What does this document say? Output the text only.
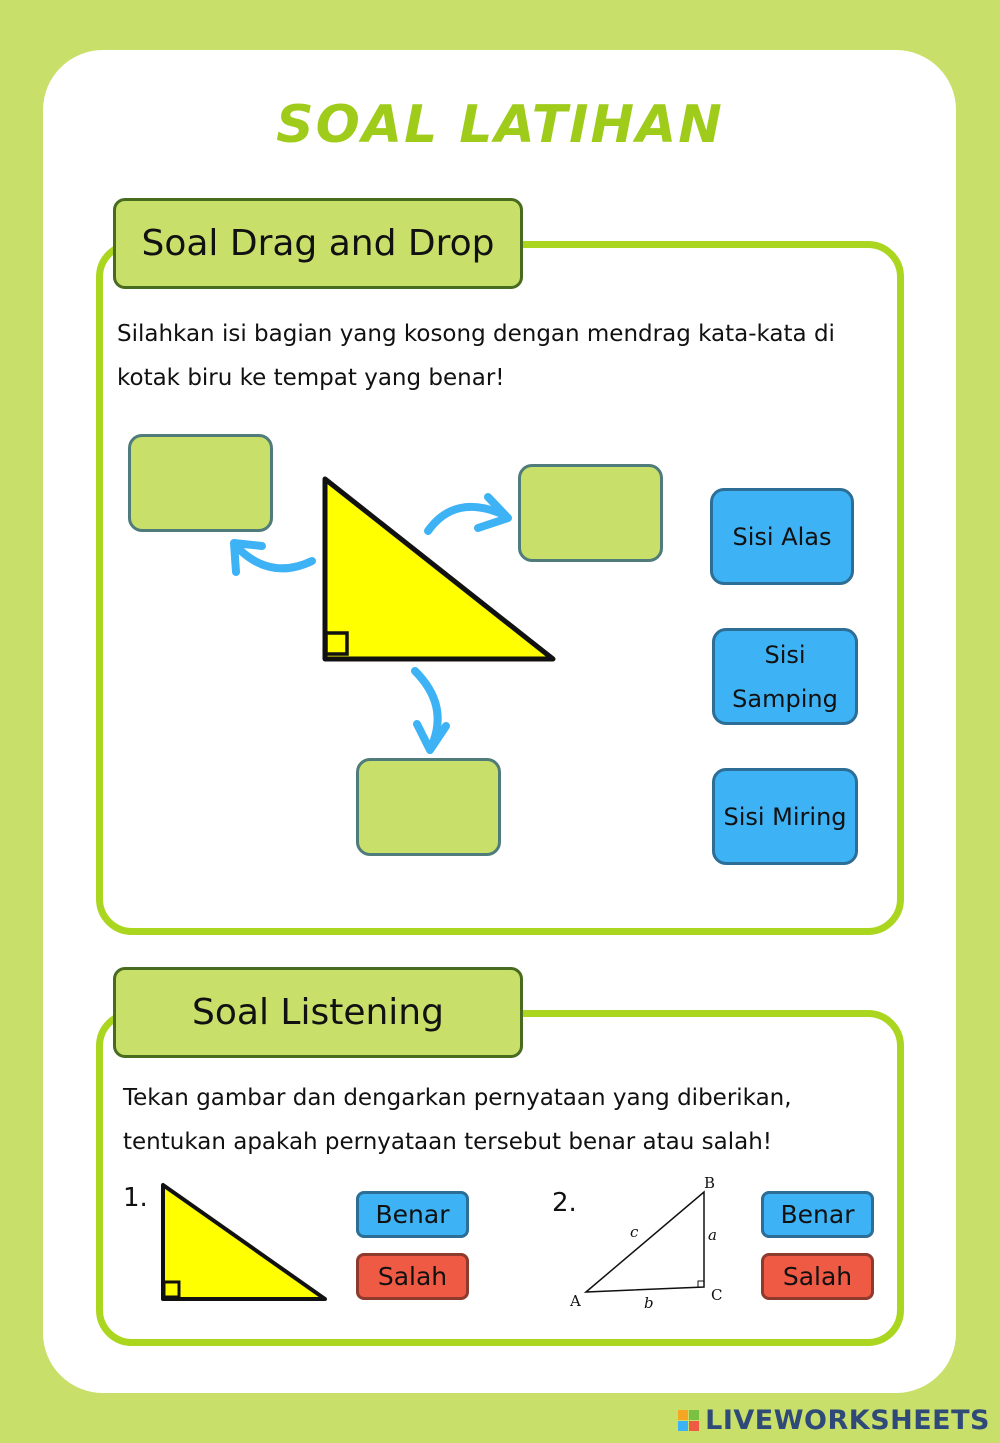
SOAL LATIHAN
Soal Drag and Drop
Silahkan isi bagian yang kosong dengan mendrag kata-kata di
kotak biru ke tempat yang benar!
Sisi Alas
Sisi
Samping
Sisi Miring
Soal Listening
Tekan gambar dan dengarkan pernyataan yang diberikan,
tentukan apakah pernyataan tersebut benar atau salah!
1.
Benar
Salah
2.
A
B
C
a
b
c
Benar
Salah
LIVEWORKSHEETS
